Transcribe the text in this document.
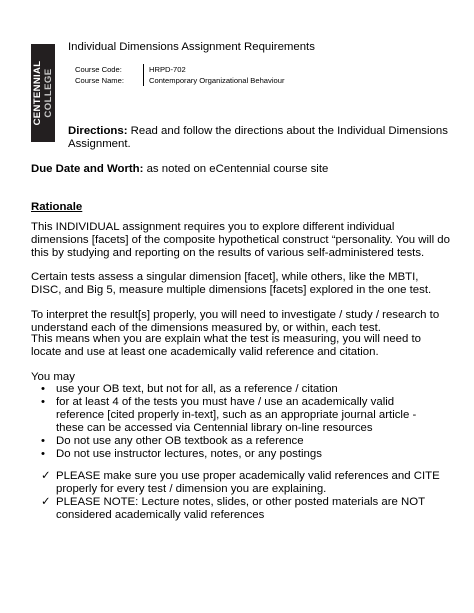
CENTENNIAL COLLEGE
Individual Dimensions Assignment Requirements
Course Code:	HRPD-702
Course Name:	Contemporary Organizational Behaviour
Directions: Read and follow the directions about the Individual Dimensions Assignment.
Due Date and Worth: as noted on eCentennial course site
Rationale

This INDIVIDUAL assignment requires you to explore different individual dimensions [facets] of the composite hypothetical construct “personality. You will do this by studying and reporting on the results of various self-administered tests.

Certain tests assess a singular dimension [facet], while others, like the MBTI, DISC, and Big 5, measure multiple dimensions [facets] explored in the one test.

To interpret the result[s] properly, you will need to investigate / study / research to understand each of the dimensions measured by, or within, each test.

This means when you are explain what the test is measuring, you will need to locate and use at least one academically valid reference and citation.

You may
• use your OB text, but not for all, as a reference / citation
• for at least 4 of the tests you must have / use an academically valid reference [cited properly in-text], such as an appropriate journal article - these can be accessed via Centennial library on-line resources
• Do not use any other OB textbook as a reference
• Do not use instructor lectures, notes, or any postings
✓ PLEASE make sure you use proper academically valid references and CITE properly for every test / dimension you are explaining.
✓ PLEASE NOTE: Lecture notes, slides, or other posted materials are NOT considered academically valid references
